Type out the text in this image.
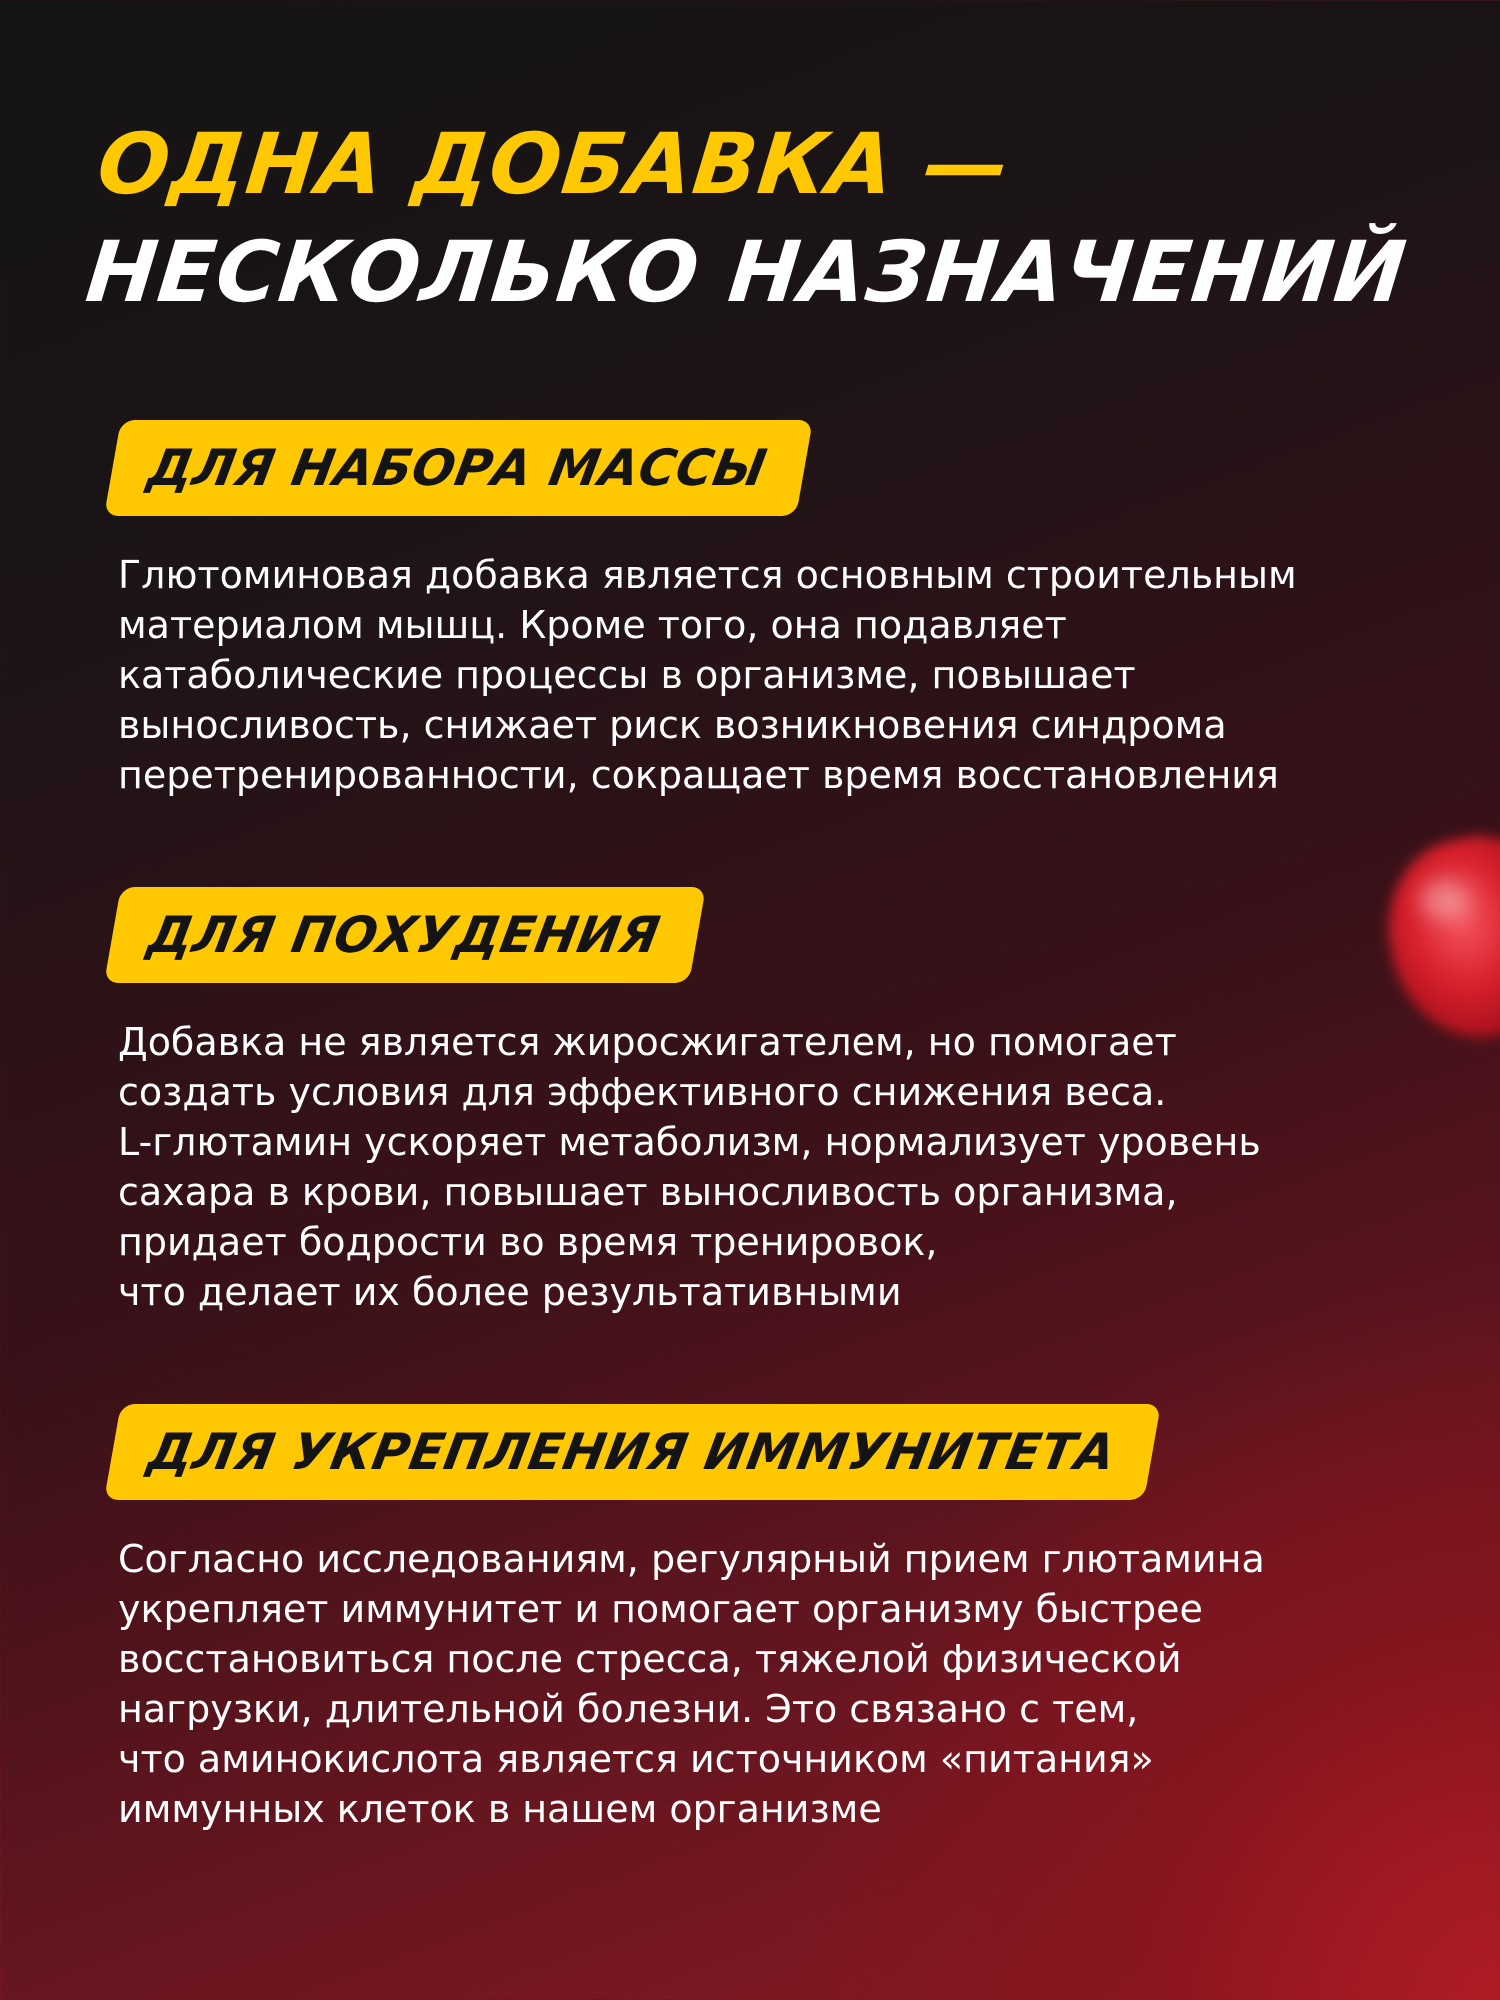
ОДНА ДОБАВКА —
НЕСКОЛЬКО НАЗНАЧЕНИЙ
ДЛЯ НАБОРА МАССЫ
Глютоминовая добавка является основным строительным
материалом мышц. Кроме того, она подавляет
катаболические процессы в организме, повышает
выносливость, снижает риск возникновения синдрома
перетренированности, сокращает время восстановления
ДЛЯ ПОХУДЕНИЯ
Добавка не является жиросжигателем, но помогает
создать условия для эффективного снижения веса.
L-глютамин ускоряет метаболизм, нормализует уровень
сахара в крови, повышает выносливость организма,
придает бодрости во время тренировок,
что делает их более результативными
ДЛЯ УКРЕПЛЕНИЯ ИММУНИТЕТА
Согласно исследованиям, регулярный прием глютамина
укрепляет иммунитет и помогает организму быстрее
восстановиться после стресса, тяжелой физической
нагрузки, длительной болезни. Это связано с тем,
что аминокислота является источником «питания»
иммунных клеток в нашем организме
